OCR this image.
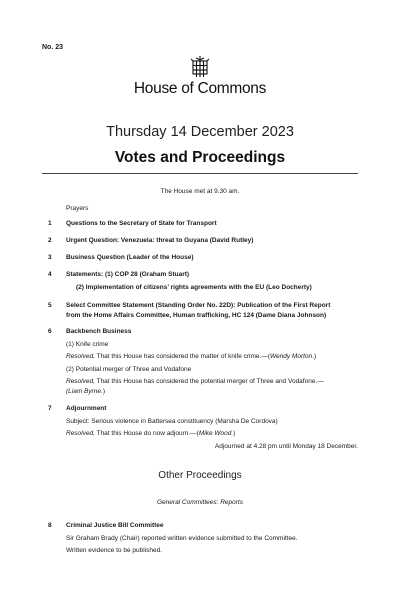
No. 23
House of Commons
Thursday 14 December 2023
Votes and Proceedings
The House met at 9.30 am.
Prayers
1 Questions to the Secretary of State for Transport
2 Urgent Question: Venezuela: threat to Guyana (David Rutley)
3 Business Question (Leader of the House)
4 Statements: (1) COP 28 (Graham Stuart)
(2) Implementation of citizens’ rights agreements with the EU (Leo Docherty)
5 Select Committee Statement (Standing Order No. 22D): Publication of the First Report
from the Home Affairs Committee, Human trafficking, HC 124 (Dame Diana Johnson)
6 Backbench Business
(1) Knife crime
Resolved, That this House has considered the matter of knife crime.—(Wendy Morton.)
(2) Potential merger of Three and Vodafone
Resolved, That this House has considered the potential merger of Three and Vodafone.—
(Liam Byrne.)
7 Adjournment
Subject: Serious violence in Battersea constituency (Marsha De Cordova)
Resolved, That this House do now adjourn.—(Mike Wood.)
Adjourned at 4.28 pm until Monday 18 December.
Other Proceedings
General Committees: Reports
8 Criminal Justice Bill Committee
Sir Graham Brady (Chair) reported written evidence submitted to the Committee.
Written evidence to be published.
